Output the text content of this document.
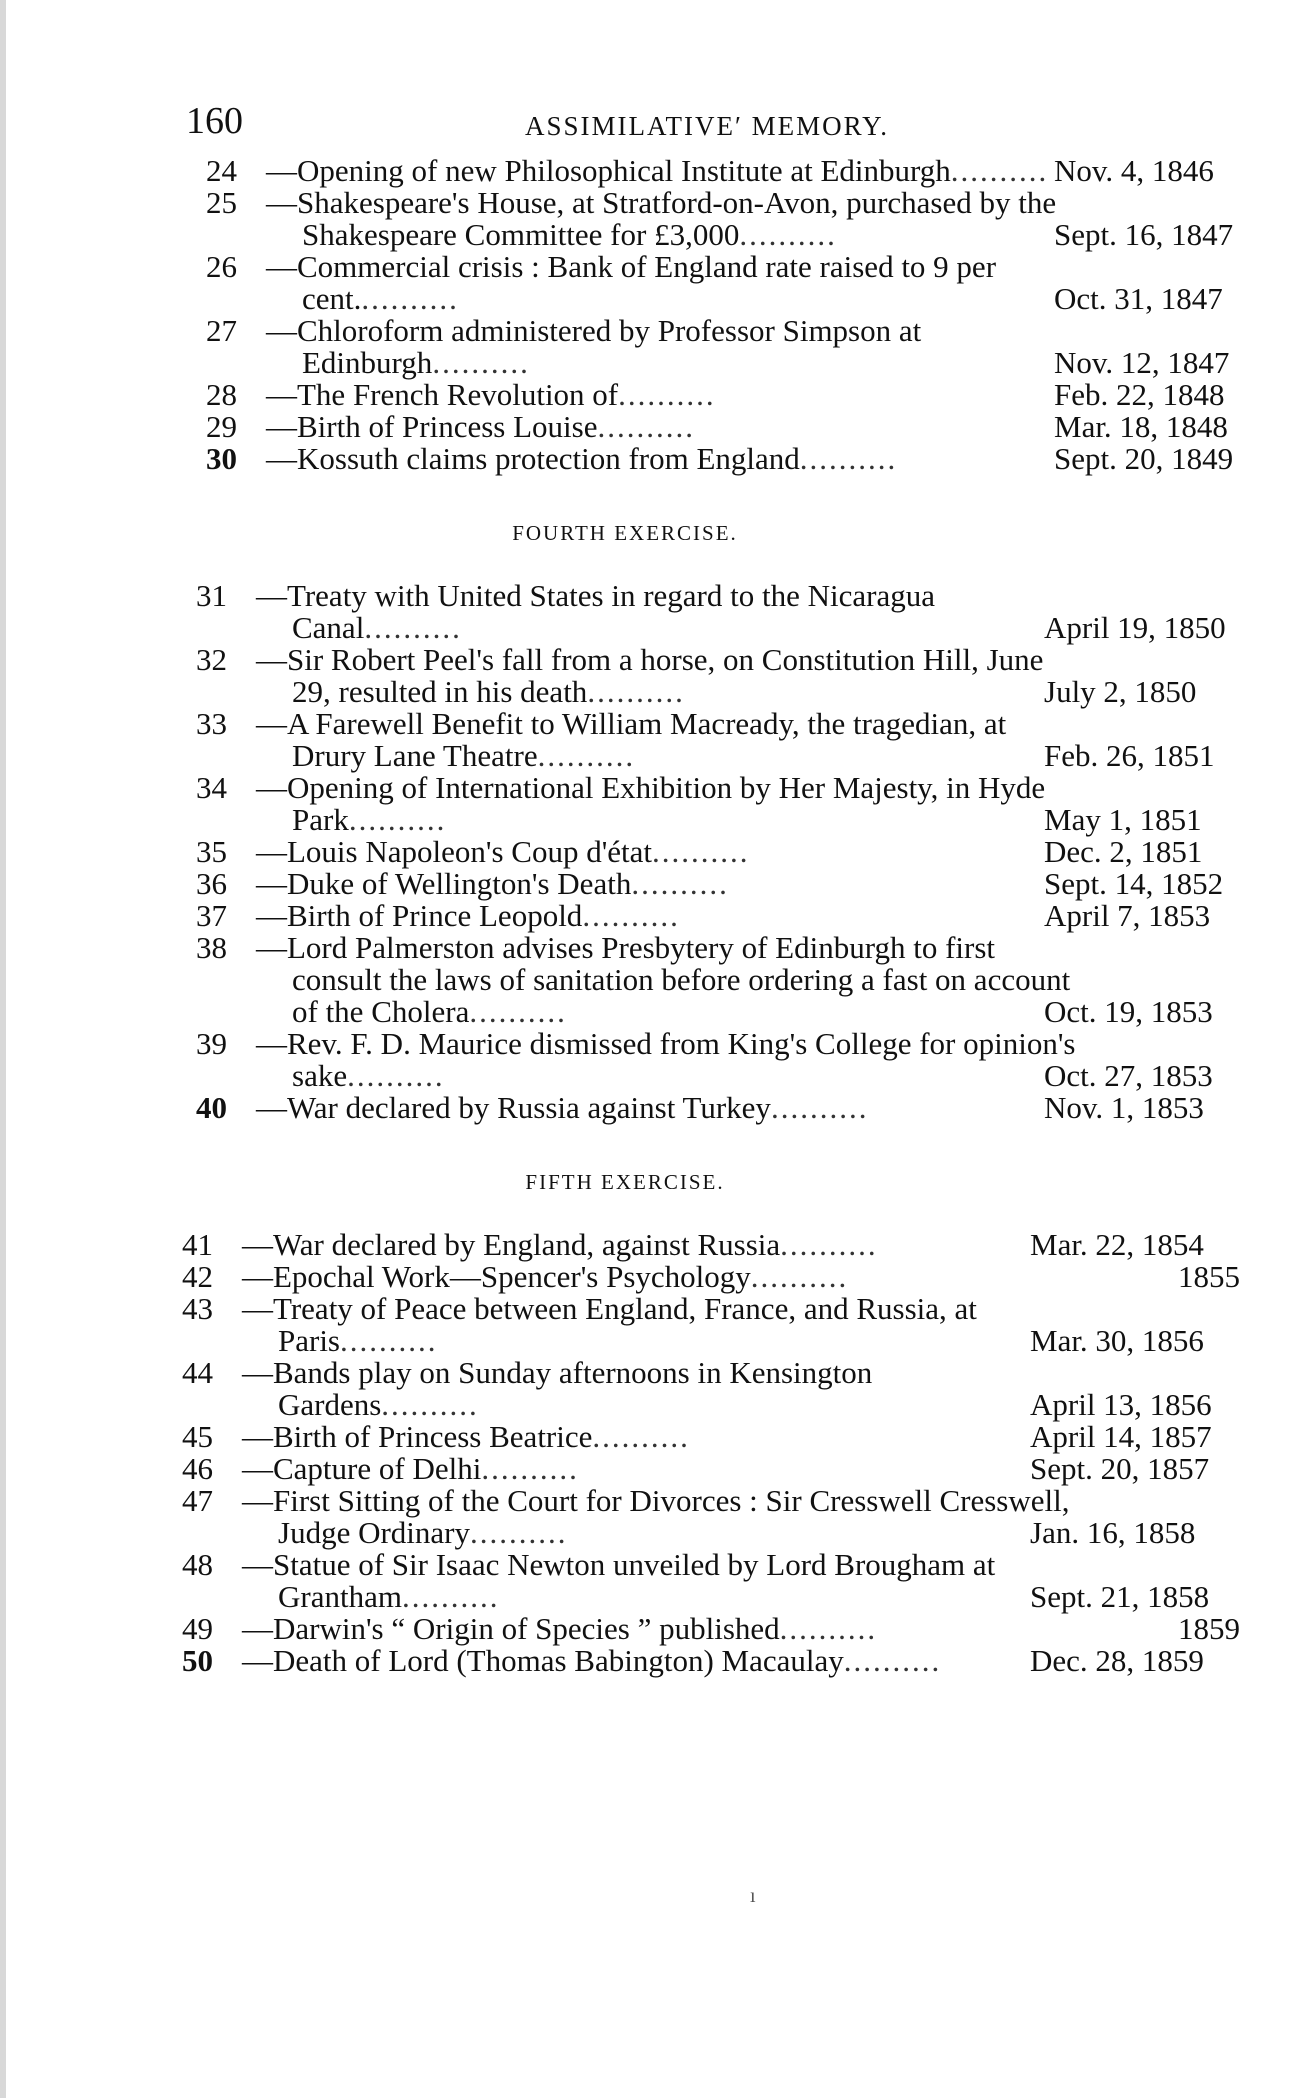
160	ASSIMILATIVE′ MEMORY.
24 —Opening of new Philosophical Institute at Edinburgh.......... Nov. 4, 1846
25 —Shakespeare's House, at Stratford-on-Avon, purchased by the Shakespeare Committee for £3,000..........	Sept. 16, 1847
26 —Commercial crisis : Bank of England rate raised to 9 per cent...........	Oct. 31, 1847
27 —Chloroform administered by Professor Simpson at Edinburgh..........	Nov. 12, 1847
28 —The French Revolution of..........	Feb. 22, 1848
29 —Birth of Princess Louise..........	Mar. 18, 1848
30 —Kossuth claims protection from England..........	Sept. 20, 1849
FOURTH EXERCISE.
31 —Treaty with United States in regard to the Nicaragua Canal..........	April 19, 1850
32 —Sir Robert Peel's fall from a horse, on Constitution Hill, June 29, resulted in his death..........	July 2, 1850
33 —A Farewell Benefit to William Macready, the tragedian, at Drury Lane Theatre..........	Feb. 26, 1851
34 —Opening of International Exhibition by Her Majesty, in Hyde Park..........	May 1, 1851
35 —Louis Napoleon's Coup d'état..........	Dec. 2, 1851
36 —Duke of Wellington's Death..........	Sept. 14, 1852
37 —Birth of Prince Leopold..........	April 7, 1853
38 —Lord Palmerston advises Presbytery of Edinburgh to first consult the laws of sanitation before ordering a fast on account of the Cholera..........	Oct. 19, 1853
39 —Rev. F. D. Maurice dismissed from King's College for opinion's sake..........	Oct. 27, 1853
40 —War declared by Russia against Turkey..........	Nov. 1, 1853
FIFTH EXERCISE.
41 —War declared by England, against Russia..........	Mar. 22, 1854
42 —Epochal Work—Spencer's Psychology..........	1855
43 —Treaty of Peace between England, France, and Russia, at Paris..........	Mar. 30, 1856
44 —Bands play on Sunday afternoons in Kensington Gardens..........	April 13, 1856
45 —Birth of Princess Beatrice..........	April 14, 1857
46 —Capture of Delhi..........	Sept. 20, 1857
47 —First Sitting of the Court for Divorces : Sir Cresswell Cresswell, Judge Ordinary..........	Jan. 16, 1858
48 —Statue of Sir Isaac Newton unveiled by Lord Brougham at Grantham..........	Sept. 21, 1858
49 —Darwin's “ Origin of Species ” published..........	1859
50 —Death of Lord (Thomas Babington) Macaulay..........	Dec. 28, 1859
ı
